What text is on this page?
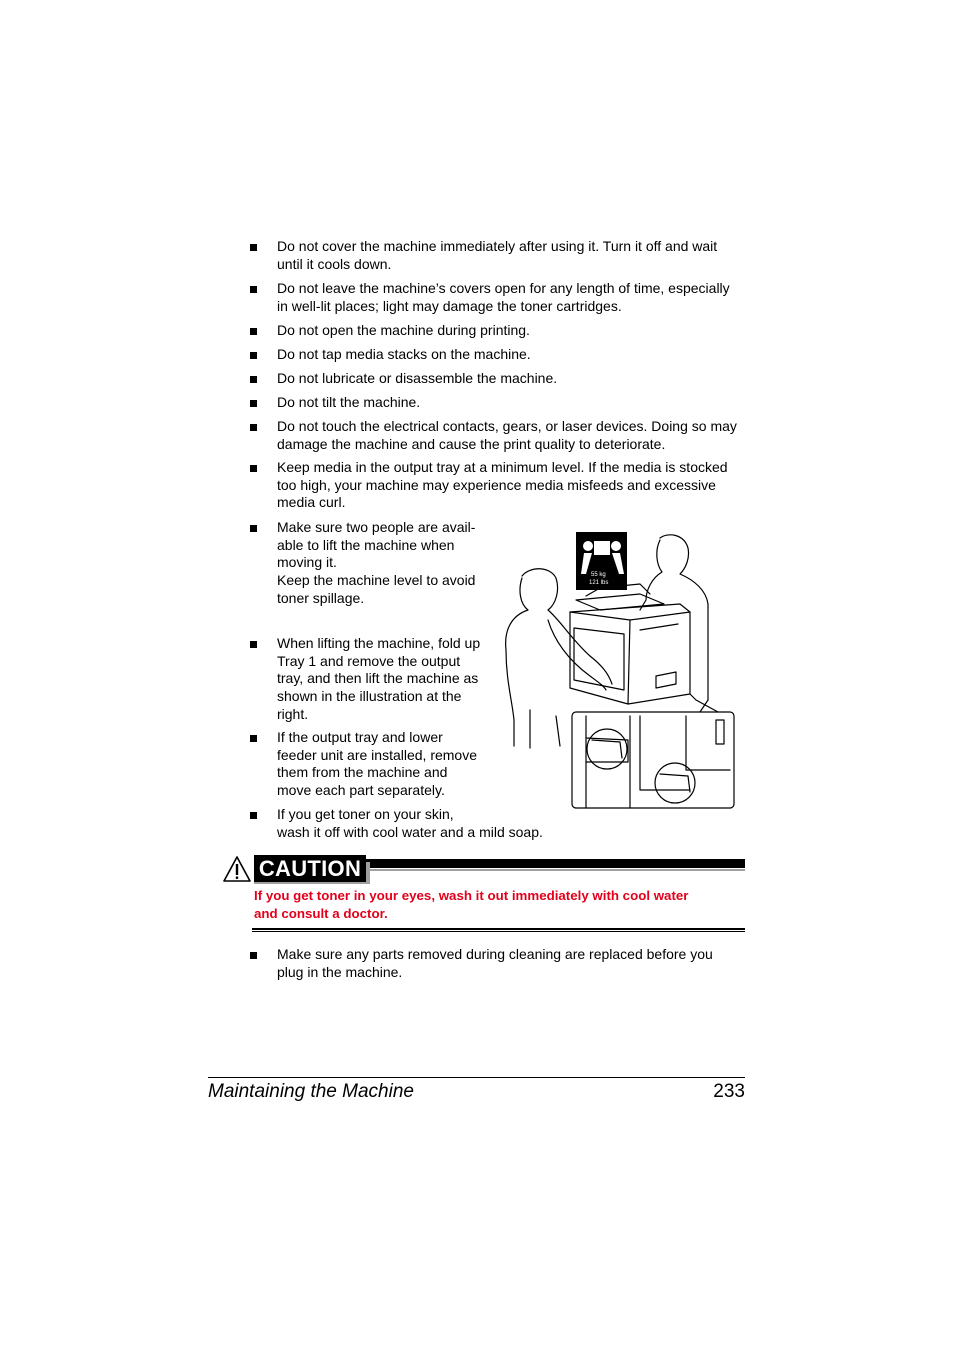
Do not cover the machine immediately after using it. Turn it off and wait
until it cools down.
Do not leave the machine’s covers open for any length of time, especially
in well-lit places; light may damage the toner cartridges.
Do not open the machine during printing.
Do not tap media stacks on the machine.
Do not lubricate or disassemble the machine.
Do not tilt the machine.
Do not touch the electrical contacts, gears, or laser devices. Doing so may
damage the machine and cause the print quality to deteriorate.
Keep media in the output tray at a minimum level. If the media is stocked
too high, your machine may experience media misfeeds and excessive
media curl.
Make sure two people are avail-
able to lift the machine when
moving it.
Keep the machine level to avoid
toner spillage.
When lifting the machine, fold up
Tray 1 and remove the output
tray, and then lift the machine as
shown in the illustration at the
right.
If the output tray and lower
feeder unit are installed, remove
them from the machine and
move each part separately.
If you get toner on your skin,
wash it off with cool water and a mild soap.
55 kg
121 lbs
CAUTION
If you get toner in your eyes, wash it out immediately with cool water
and consult a doctor.
Make sure any parts removed during cleaning are replaced before you
plug in the machine.
Maintaining the Machine	233
